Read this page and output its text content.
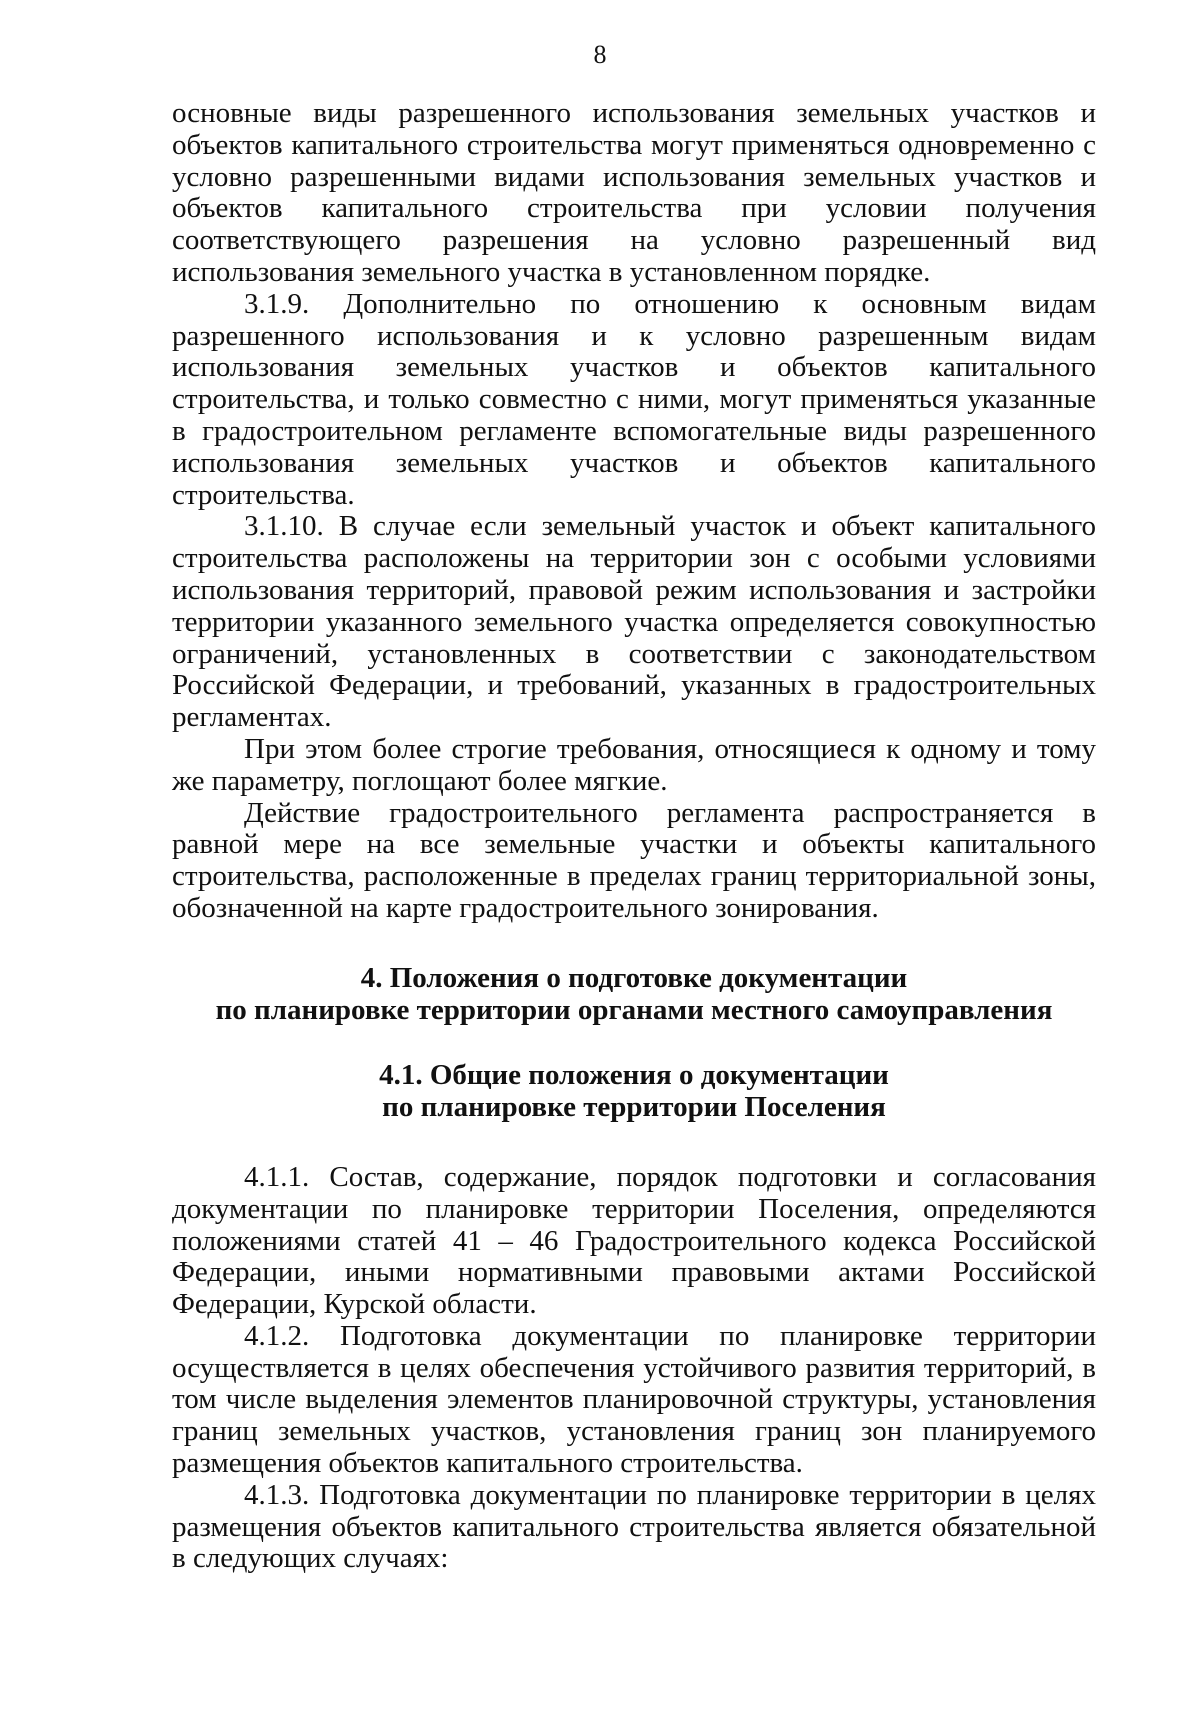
8

основные виды разрешенного использования земельных участков и объектов капитального строительства могут применяться одновременно с условно разрешенными видами использования земельных участков и объектов капитального строительства при условии получения соответствующего разрешения на условно разрешенный вид использования земельного участка в установленном порядке.

3.1.9. Дополнительно по отношению к основным видам разрешенного использования и к условно разрешенным видам использования земельных участков и объектов капитального строительства, и только совместно с ними, могут применяться указанные в градостроительном регламенте вспомогательные виды разрешенного использования земельных участков и объектов капитального строительства.

3.1.10. В случае если земельный участок и объект капитального строительства расположены на территории зон с особыми условиями использования территорий, правовой режим использования и застройки территории указанного земельного участка определяется совокупностью ограничений, установленных в соответствии с законодательством Российской Федерации, и требований, указанных в градостроительных регламентах.

При этом более строгие требования, относящиеся к одному и тому же параметру, поглощают более мягкие.

Действие градостроительного регламента распространяется в равной мере на все земельные участки и объекты капитального строительства, расположенные в пределах границ территориальной зоны, обозначенной на карте градостроительного зонирования.

4. Положения о подготовке документации

по планировке территории органами местного самоуправления

4.1. Общие положения о документации

по планировке территории Поселения

4.1.1. Состав, содержание, порядок подготовки и согласования документации по планировке территории Поселения, определяются положениями статей 41 – 46 Градостроительного кодекса Российской Федерации, иными нормативными правовыми актами Российской Федерации, Курской области.

4.1.2. Подготовка документации по планировке территории осуществляется в целях обеспечения устойчивого развития территорий, в том числе выделения элементов планировочной структуры, установления границ земельных участков, установления границ зон планируемого размещения объектов капитального строительства.

4.1.3. Подготовка документации по планировке территории в целях размещения объектов капитального строительства является обязательной в следующих случаях:
